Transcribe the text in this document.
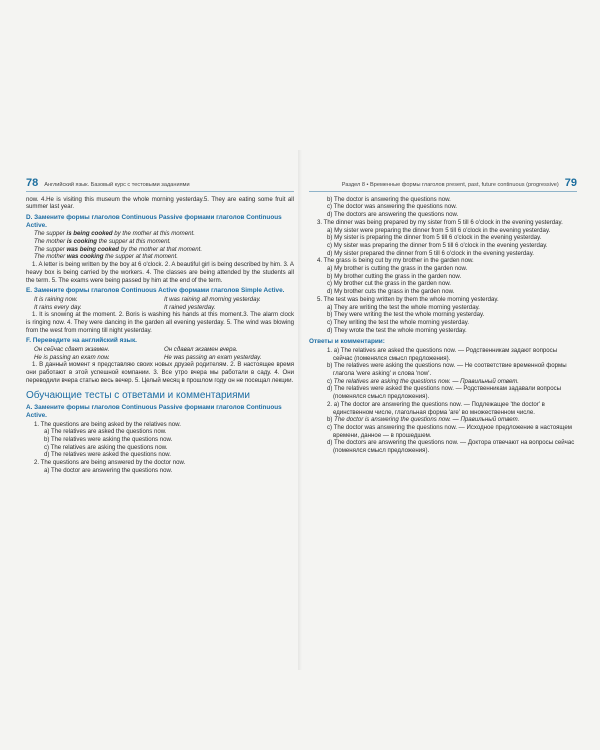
78 Английский язык. Базовый курс с тестовыми заданиями
now. 4.He is visiting this museum the whole morning yesterday.5. They are eating some fruit all summer last year.
D. Замените формы глаголов Continuous Passive формами глаголов Continuous Active.
The supper is being cooked by the mother at this moment.
The mother is cooking the supper at this moment.
The supper was being cooked by the mother at that moment.
The mother was cooking the supper at that moment.
1. A letter is being written by the boy at 6 o'clock. 2. A beautiful girl is being described by him. 3. A heavy box is being carried by the workers. 4. The classes are being attended by the students all the term. 5. The exams were being passed by him at the end of the term.
E. Замените формы глаголов Continuous Active формами глаголов Simple Active.
It is raining now.	It was raining all morning yesterday.
It rains every day.	It rained yesterday.
1. It is snowing at the moment. 2. Boris is washing his hands at this moment.3. The alarm clock is ringing now. 4. They were dancing in the garden all evening yesterday. 5. The wind was blowing from the west from morning till night yesterday.
F. Переведите на английский язык.
Он сейчас сдает экзамен.	Он сдавал экзамен вчера.
He is passing an exam now.	He was passing an exam yesterday.
1. В данный момент я представляю своих новых друзей родителям. 2. В настоящее время они работают в этой успешной компании. 3. Все утро вчера мы работали в саду. 4. Они переводили вчера статью весь вечер. 5. Целый месяц в прошлом году он не посещал лекции.
Обучающие тесты с ответами и комментариями
A. Замените формы глаголов Continuous Passive формами глаголов Continuous Active.
1. The questions are being asked by the relatives now.
a) The relatives are asked the questions now.
b) The relatives were asking the questions now.
c) The relatives are asking the questions now.
d) The relatives were asked the questions now.
2. The questions are being answered by the doctor now.
a) The doctor are answering the questions now.
Раздел 8 • Временные формы глаголов present, past, future continuous (progressive) 79
b) The doctor is answering the questions now.
c) The doctor was answering the questions now.
d) The doctors are answering the questions now.
3. The dinner was being prepared by my sister from 5 till 6 o'clock in the evening yesterday.
a) My sister were preparing the dinner from 5 till 6 o'clock in the evening yesterday.
b) My sister is preparing the dinner from 5 till 6 o'clock in the evening yesterday.
c) My sister was preparing the dinner from 5 till 6 o'clock in the evening yesterday.
d) My sister prepared the dinner from 5 till 6 o'clock in the evening yesterday.
4. The grass is being cut by my brother in the garden now.
a) My brother is cutting the grass in the garden now.
b) My brother cutting the grass in the garden now.
c) My brother cut the grass in the garden now.
d) My brother cuts the grass in the garden now.
5. The test was being written by them the whole morning yesterday.
a) They are writing the test the whole morning yesterday.
b) They were writing the test the whole morning yesterday.
c) They writing the test the whole morning yesterday.
d) They wrote the test the whole morning yesterday.
Ответы и комментарии:
1. a) The relatives are asked the questions now. — Родственникам задают вопросы сейчас (поменялся смысл предложения).
b) The relatives were asking the questions now. — Не соответствие временной формы глагола 'were asking' и слова 'now'.
c) The relatives are asking the questions now. — Правильный ответ.
d) The relatives were asked the questions now. — Родственникам задавали вопросы (поменялся смысл предложения).
2. a) The doctor are answering the questions now. — Подлежащее 'the doctor' в единственном числе, глагольная форма 'are' во множественном числе.
b) The doctor is answering the questions now. — Правильный ответ.
c) The doctor was answering the questions now. — Исходное предложение в настоящем времени, данное — в прошедшем.
d) The doctors are answering the questions now. — Доктора отвечают на вопросы сейчас (поменялся смысл предложения).
